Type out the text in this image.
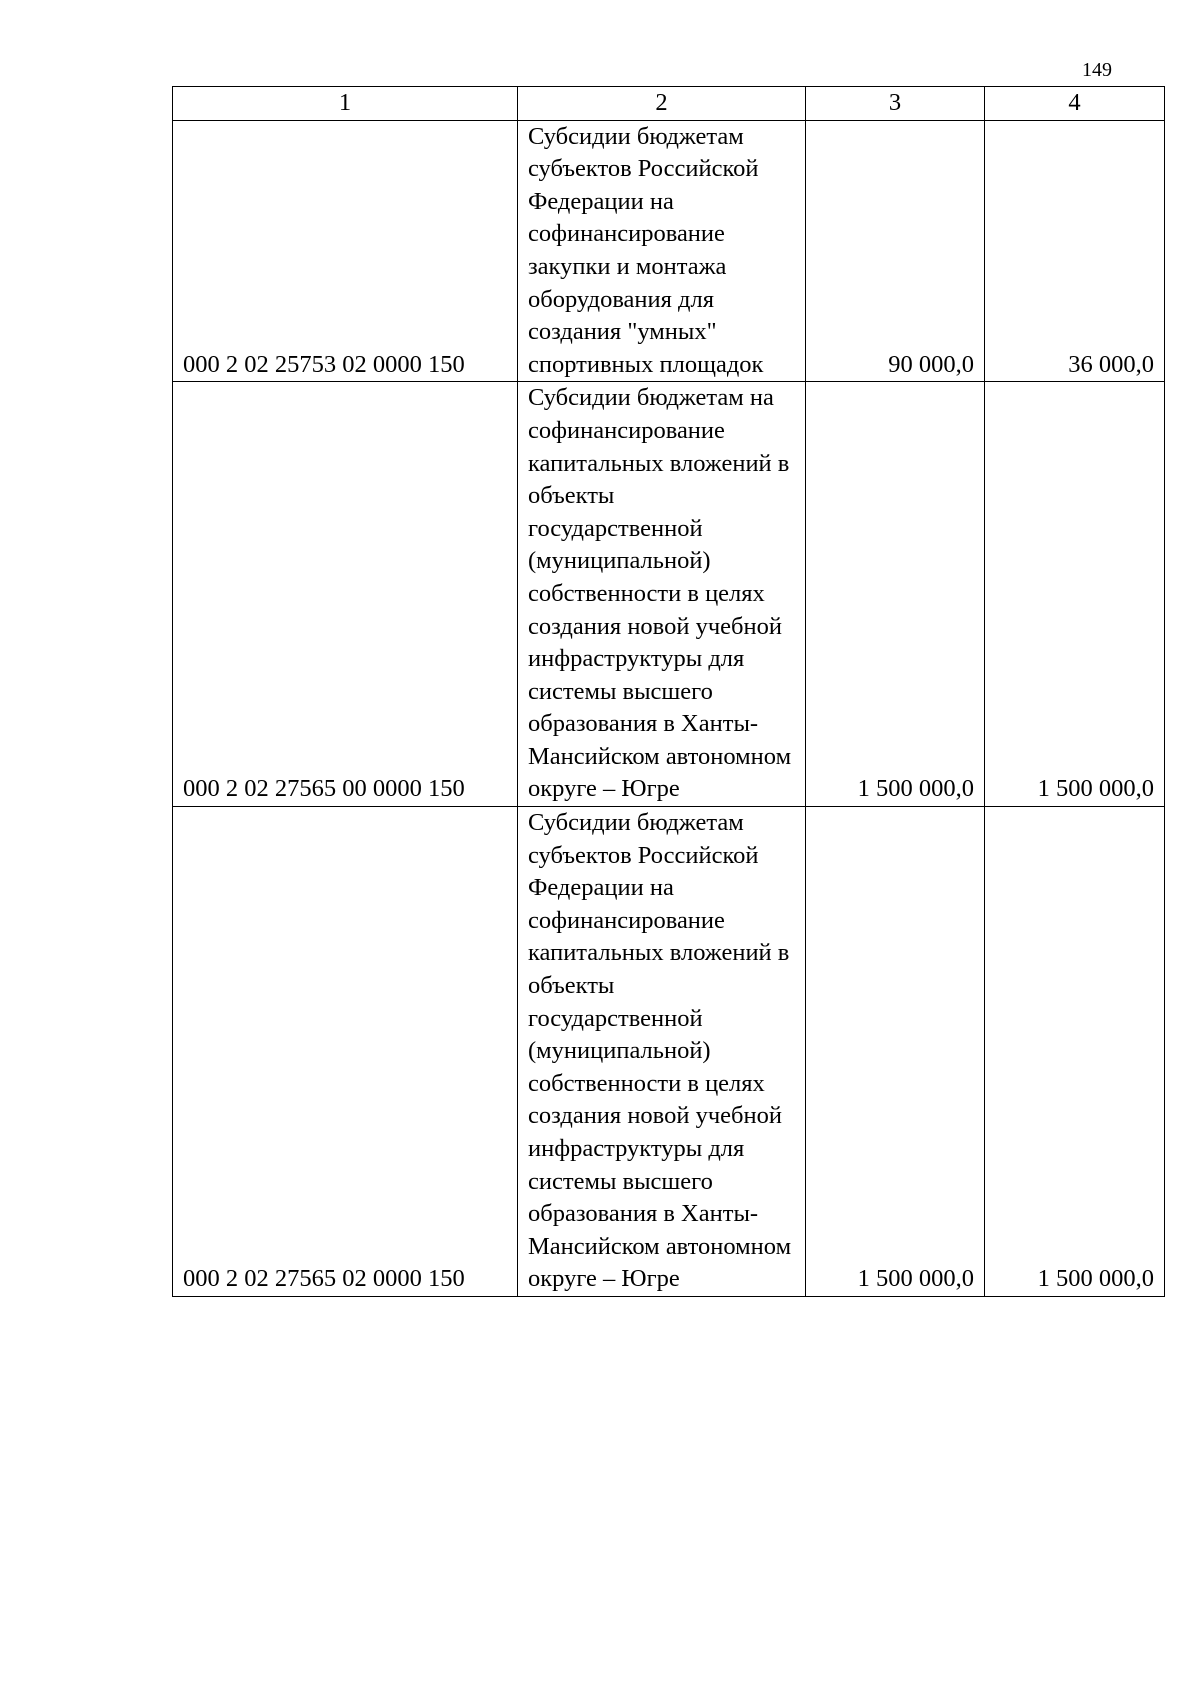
149
1	2	3	4
000 2 02 25753 02 0000 150	Субсидии бюджетам субъектов Российской Федерации на софинансирование закупки и монтажа оборудования для создания "умных" спортивных площадок	90 000,0	36 000,0
000 2 02 27565 00 0000 150	Субсидии бюджетам на софинансирование капитальных вложений в объекты государственной (муниципальной) собственности в целях создания новой учебной инфраструктуры для системы высшего образования в Ханты-Мансийском автономном округе – Югре	1 500 000,0	1 500 000,0
000 2 02 27565 02 0000 150	Субсидии бюджетам субъектов Российской Федерации на софинансирование капитальных вложений в объекты государственной (муниципальной) собственности в целях создания новой учебной инфраструктуры для системы высшего образования в Ханты-Мансийском автономном округе – Югре	1 500 000,0	1 500 000,0
